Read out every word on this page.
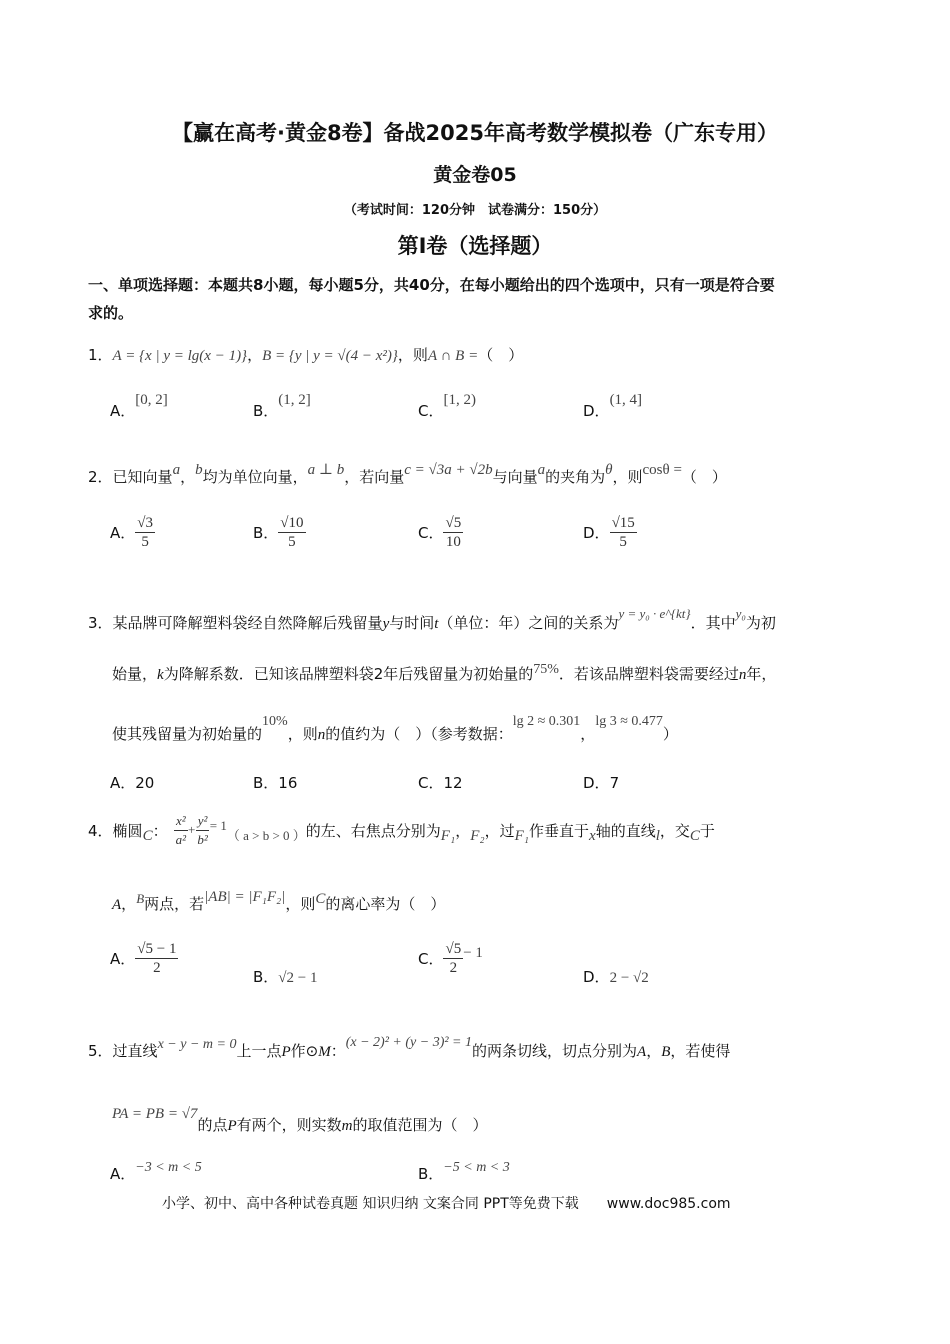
【赢在高考·黄金8卷】备战2025年高考数学模拟卷（广东专用）
黄金卷05
（考试时间：120分钟　试卷满分：150分）
第I卷（选择题）
一、单项选择题：本题共8小题，每小题5分，共40分，在每小题给出的四个选项中，只有一项是符合要
求的。
1．A = {x | y = lg(x − 1)}，B = {y | y = √(4 − x²)}，则A ∩ B =（　）
A．[0, 2]
B．(1, 2]
C．[1, 2)
D．(1, 4]
2．已知向量a，b均为单位向量，a ⊥ b，若向量c = √3a + √2b与向量a的夹角为θ，则cosθ =（　）
A． $\frac{√3}{5}$	B． $\frac{√10}{5}$	C． $\frac{√5}{10}$	D． $\frac{√15}{5}$
3．某品牌可降解塑料袋经自然降解后残留量y与时间t（单位：年）之间的关系为y = y₀ · e^{kt}．其中y₀为初
始量，k为降解系数．已知该品牌塑料袋2年后残留量为初始量的75%．若该品牌塑料袋需要经过n年，
使其残留量为初始量的10%，则n的值约为（　）（参考数据：lg 2 ≈ 0.301，lg 3 ≈ 0.477）
A．20	B．16	C．12	D．7
4． 椭圆 C ： $\frac{\text{x²}}{\text{a²}} + \frac{\text{y²}}{\text{b²}} = 1$
（ a > b > 0 ） 的左、右焦点分别为 F₁ ， F₂ ，过 F₁ 作垂直于 x 轴的直线 l ，交 C 于
A，B两点，若|AB| = |F₁F₂|，则C的离心率为（　）
A． $\frac{√5 - 1}{2}$	B．√2 − 1
C． $\frac{√5}{2} - 1$
D．2 − √2
5．过直线x − y − m = 0上一点P作⊙M：(x − 2)² + (y − 3)² = 1的两条切线，切点分别为A，B，若使得
PA = PB = √7的点P有两个，则实数m的取值范围为（　）
A．−3 < m < 5	B．−5 < m < 3
小学、初中、高中各种试卷真题 知识归纳 文案合同 PPT等免费下载 www.doc985.com
